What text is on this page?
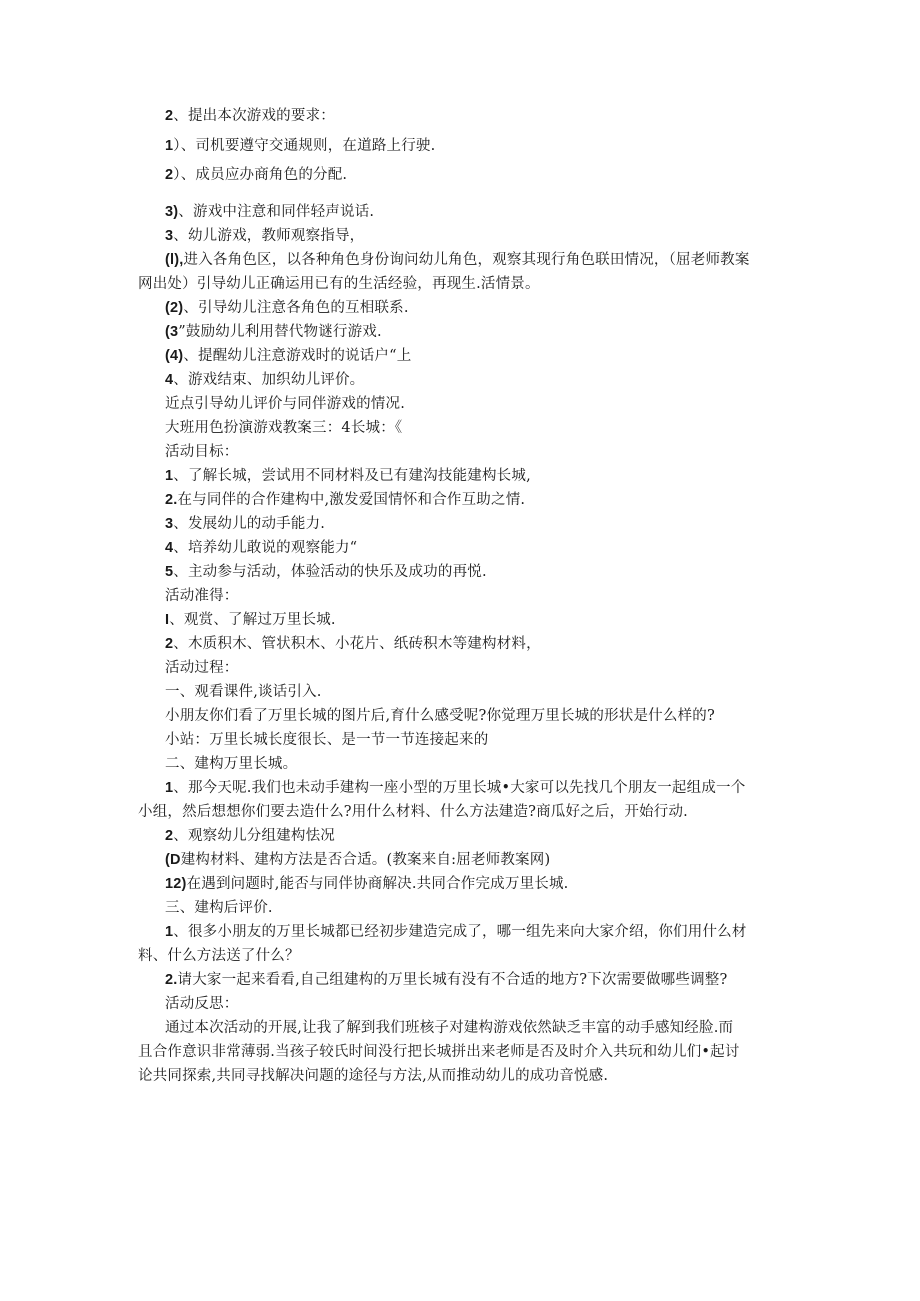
2、提出本次游戏的要求：
1）、司机要遵守交通规则，在道路上行驶.
2）、成员应办商角色的分配.
3)、游戏中注意和同伴轻声说话.
3、幼儿游戏，教师观察指导，
(l),进入各角色区，以各种角色身份询问幼儿角色，观察其现行角色联田情况，（屈老师教案
网出处）引导幼儿正确运用已有的生活经验，再现生.活情景。
(2)、引导幼儿注意各角色的互相联系.
(3”鼓励幼儿利用替代物谜行游戏.
(4)、提醒幼儿注意游戏时的说话户“上
4、游戏结束、加织幼儿评价。
近点引导幼儿评价与同伴游戏的情况.
大班用色扮演游戏教案三：4长城：《
活动目标：
1、了解长城，尝试用不同材料及已有建沟技能建构长城,
2.在与同伴的合作建构中,激发爱国情怀和合作互助之情.
3、发展幼儿的动手能力.
4、培养幼儿敢说的观察能力“
5、主动参与活动，体验活动的快乐及成功的再悦.
活动准得：
I、观赏、了解过万里长城.
2、木质积木、管状积木、小花片、纸砖积木等建构材料，
活动过程：
一、观看课件,谈话引入.
小朋友你们看了万里长城的图片后,育什么感受呢?你觉理万里长城的形状是什么样的?
小站：万里长城长度很长、是一节一节连接起来的
二、建构万里长城。
1、那今天呢.我们也未动手建构一座小型的万里长城•大家可以先找几个朋友一起组成一个
小组，然后想想你们要去造什么?用什么材料、什么方法建造?商瓜好之后，开始行动.
2、观察幼儿分组建构怯况
(D建构材料、建构方法是否合适。(教案来自:屈老师教案网)
12)在遇到问题时,能否与同伴协商解决.共同合作完成万里长城.
三、建构后评价.
1、很多小朋友的万里长城都已经初步建造完成了，哪一组先来向大家介绍，你们用什么材
料、什么方法送了什么？
2.请大家一起来看看,自己组建构的万里长城有没有不合适的地方?下次需要做哪些调整?
活动反思：
通过本次活动的开展,让我了解到我们班核子对建构游戏依然缺乏丰富的动手感知经脸.而
且合作意识非常薄弱.当孩子较氏时间没行把长城拼出来老师是否及时介入共玩和幼儿们•起讨
论共同探索,共同寻找解决问题的途径与方法,从而推动幼儿的成功音悦感.
